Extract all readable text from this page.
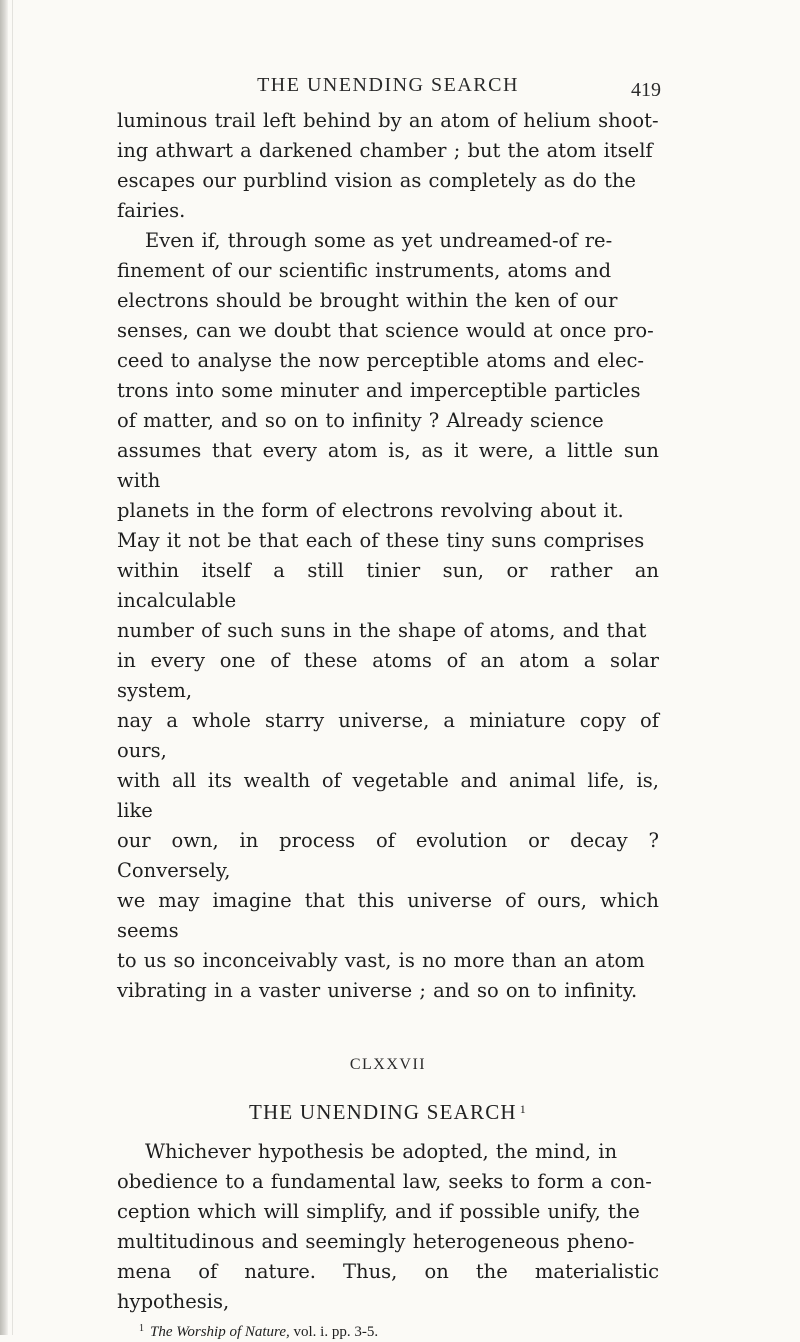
THE UNENDING SEARCH	419

luminous trail left behind by an atom of helium shoot-
ing athwart a darkened chamber ; but the atom itself
escapes our purblind vision as completely as do the
fairies.

Even if, through some as yet undreamed-of re-
finement of our scientific instruments, atoms and
electrons should be brought within the ken of our
senses, can we doubt that science would at once pro-
ceed to analyse the now perceptible atoms and elec-
trons into some minuter and imperceptible particles
of matter, and so on to infinity ? Already science
assumes that every atom is, as it were, a little sun with
planets in the form of electrons revolving about it.
May it not be that each of these tiny suns comprises
within itself a still tinier sun, or rather an incalculable
number of such suns in the shape of atoms, and that
in every one of these atoms of an atom a solar system,
nay a whole starry universe, a miniature copy of ours,
with all its wealth of vegetable and animal life, is, like
our own, in process of evolution or decay ? Conversely,
we may imagine that this universe of ours, which seems
to us so inconceivably vast, is no more than an atom
vibrating in a vaster universe ; and so on to infinity.

CLXXVII
THE UNENDING SEARCH $^1$

Whichever hypothesis be adopted, the mind, in
obedience to a fundamental law, seeks to form a con-
ception which will simplify, and if possible unify, the
multitudinous and seemingly heterogeneous pheno-
mena of nature. Thus, on the materialistic hypothesis,

$^1$ The Worship of Nature, vol. i. pp. 3-5.
